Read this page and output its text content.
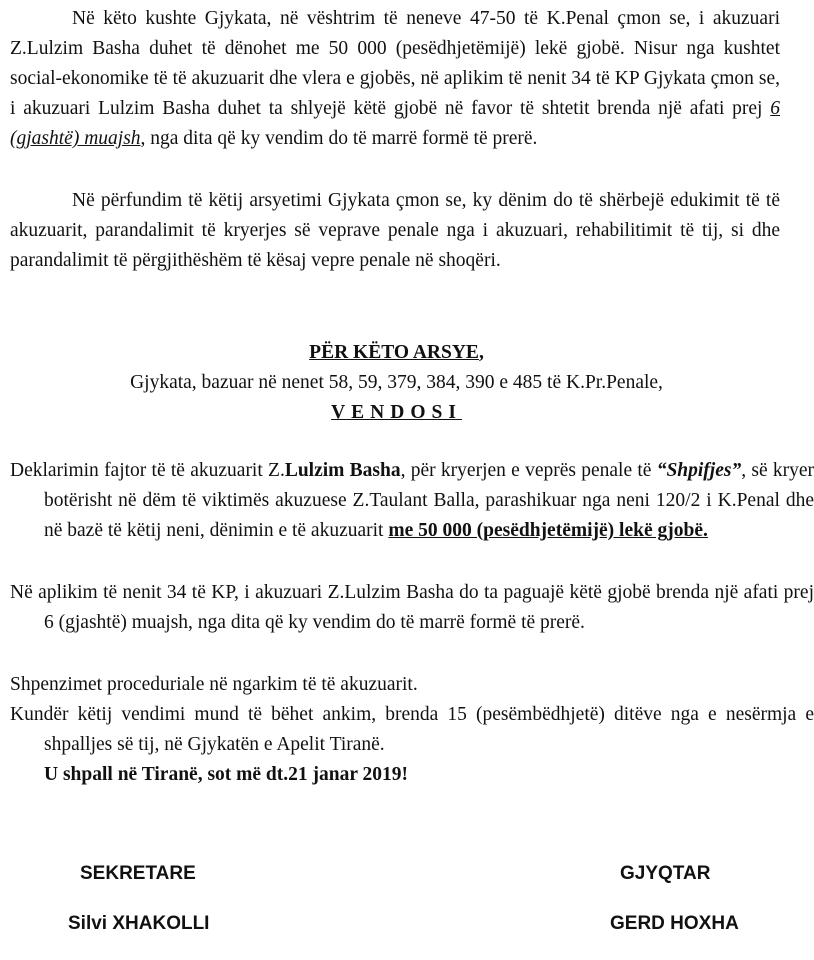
Në këto kushte Gjykata, në vështrim të neneve 47-50 të K.Penal çmon se, i akuzuari Z.Lulzim Basha duhet të dënohet me 50 000 (pesëdhjetëmijë) lekë gjobë. Nisur nga kushtet social-ekonomike të të akuzuarit dhe vlera e gjobës, në aplikim të nenit 34 të KP Gjykata çmon se, i akuzuari Lulzim Basha duhet ta shlyejë këtë gjobë në favor të shtetit brenda një afati prej 6 (gjashtë) muajsh, nga dita që ky vendim do të marrë formë të prerë.

Në përfundim të këtij arsyetimi Gjykata çmon se, ky dënim do të shërbejë edukimit të të akuzuarit, parandalimit të kryerjes së veprave penale nga i akuzuari, rehabilitimit të tij, si dhe parandalimit të përgjithëshëm të kësaj vepre penale në shoqëri.

PËR KËTO ARSYE,

Gjykata, bazuar në nenet 58, 59, 379, 384, 390 e 485 të K.Pr.Penale,

VENDOSI

Deklarimin fajtor të të akuzuarit Z.Lulzim Basha, për kryerjen e veprës penale të “Shpifjes”, së kryer botërisht në dëm të viktimës akuzuese Z.Taulant Balla, parashikuar nga neni 120/2 i K.Penal dhe në bazë të këtij neni, dënimin e të akuzuarit me 50 000 (pesëdhjetëmijë) lekë gjobë.

Në aplikim të nenit 34 të KP, i akuzuari Z.Lulzim Basha do ta paguajë këtë gjobë brenda një afati prej 6 (gjashtë) muajsh, nga dita që ky vendim do të marrë formë të prerë.

Shpenzimet proceduriale në ngarkim të të akuzuarit.

Kundër këtij vendimi mund të bëhet ankim, brenda 15 (pesëmbëdhjetë) ditëve nga e nesërmja e shpalljes së tij, në Gjykatën e Apelit Tiranë.

U shpall në Tiranë, sot më dt.21 janar 2019!

SEKRETARE

Silvi XHAKOLLI

GJYQTAR

GERD HOXHA
